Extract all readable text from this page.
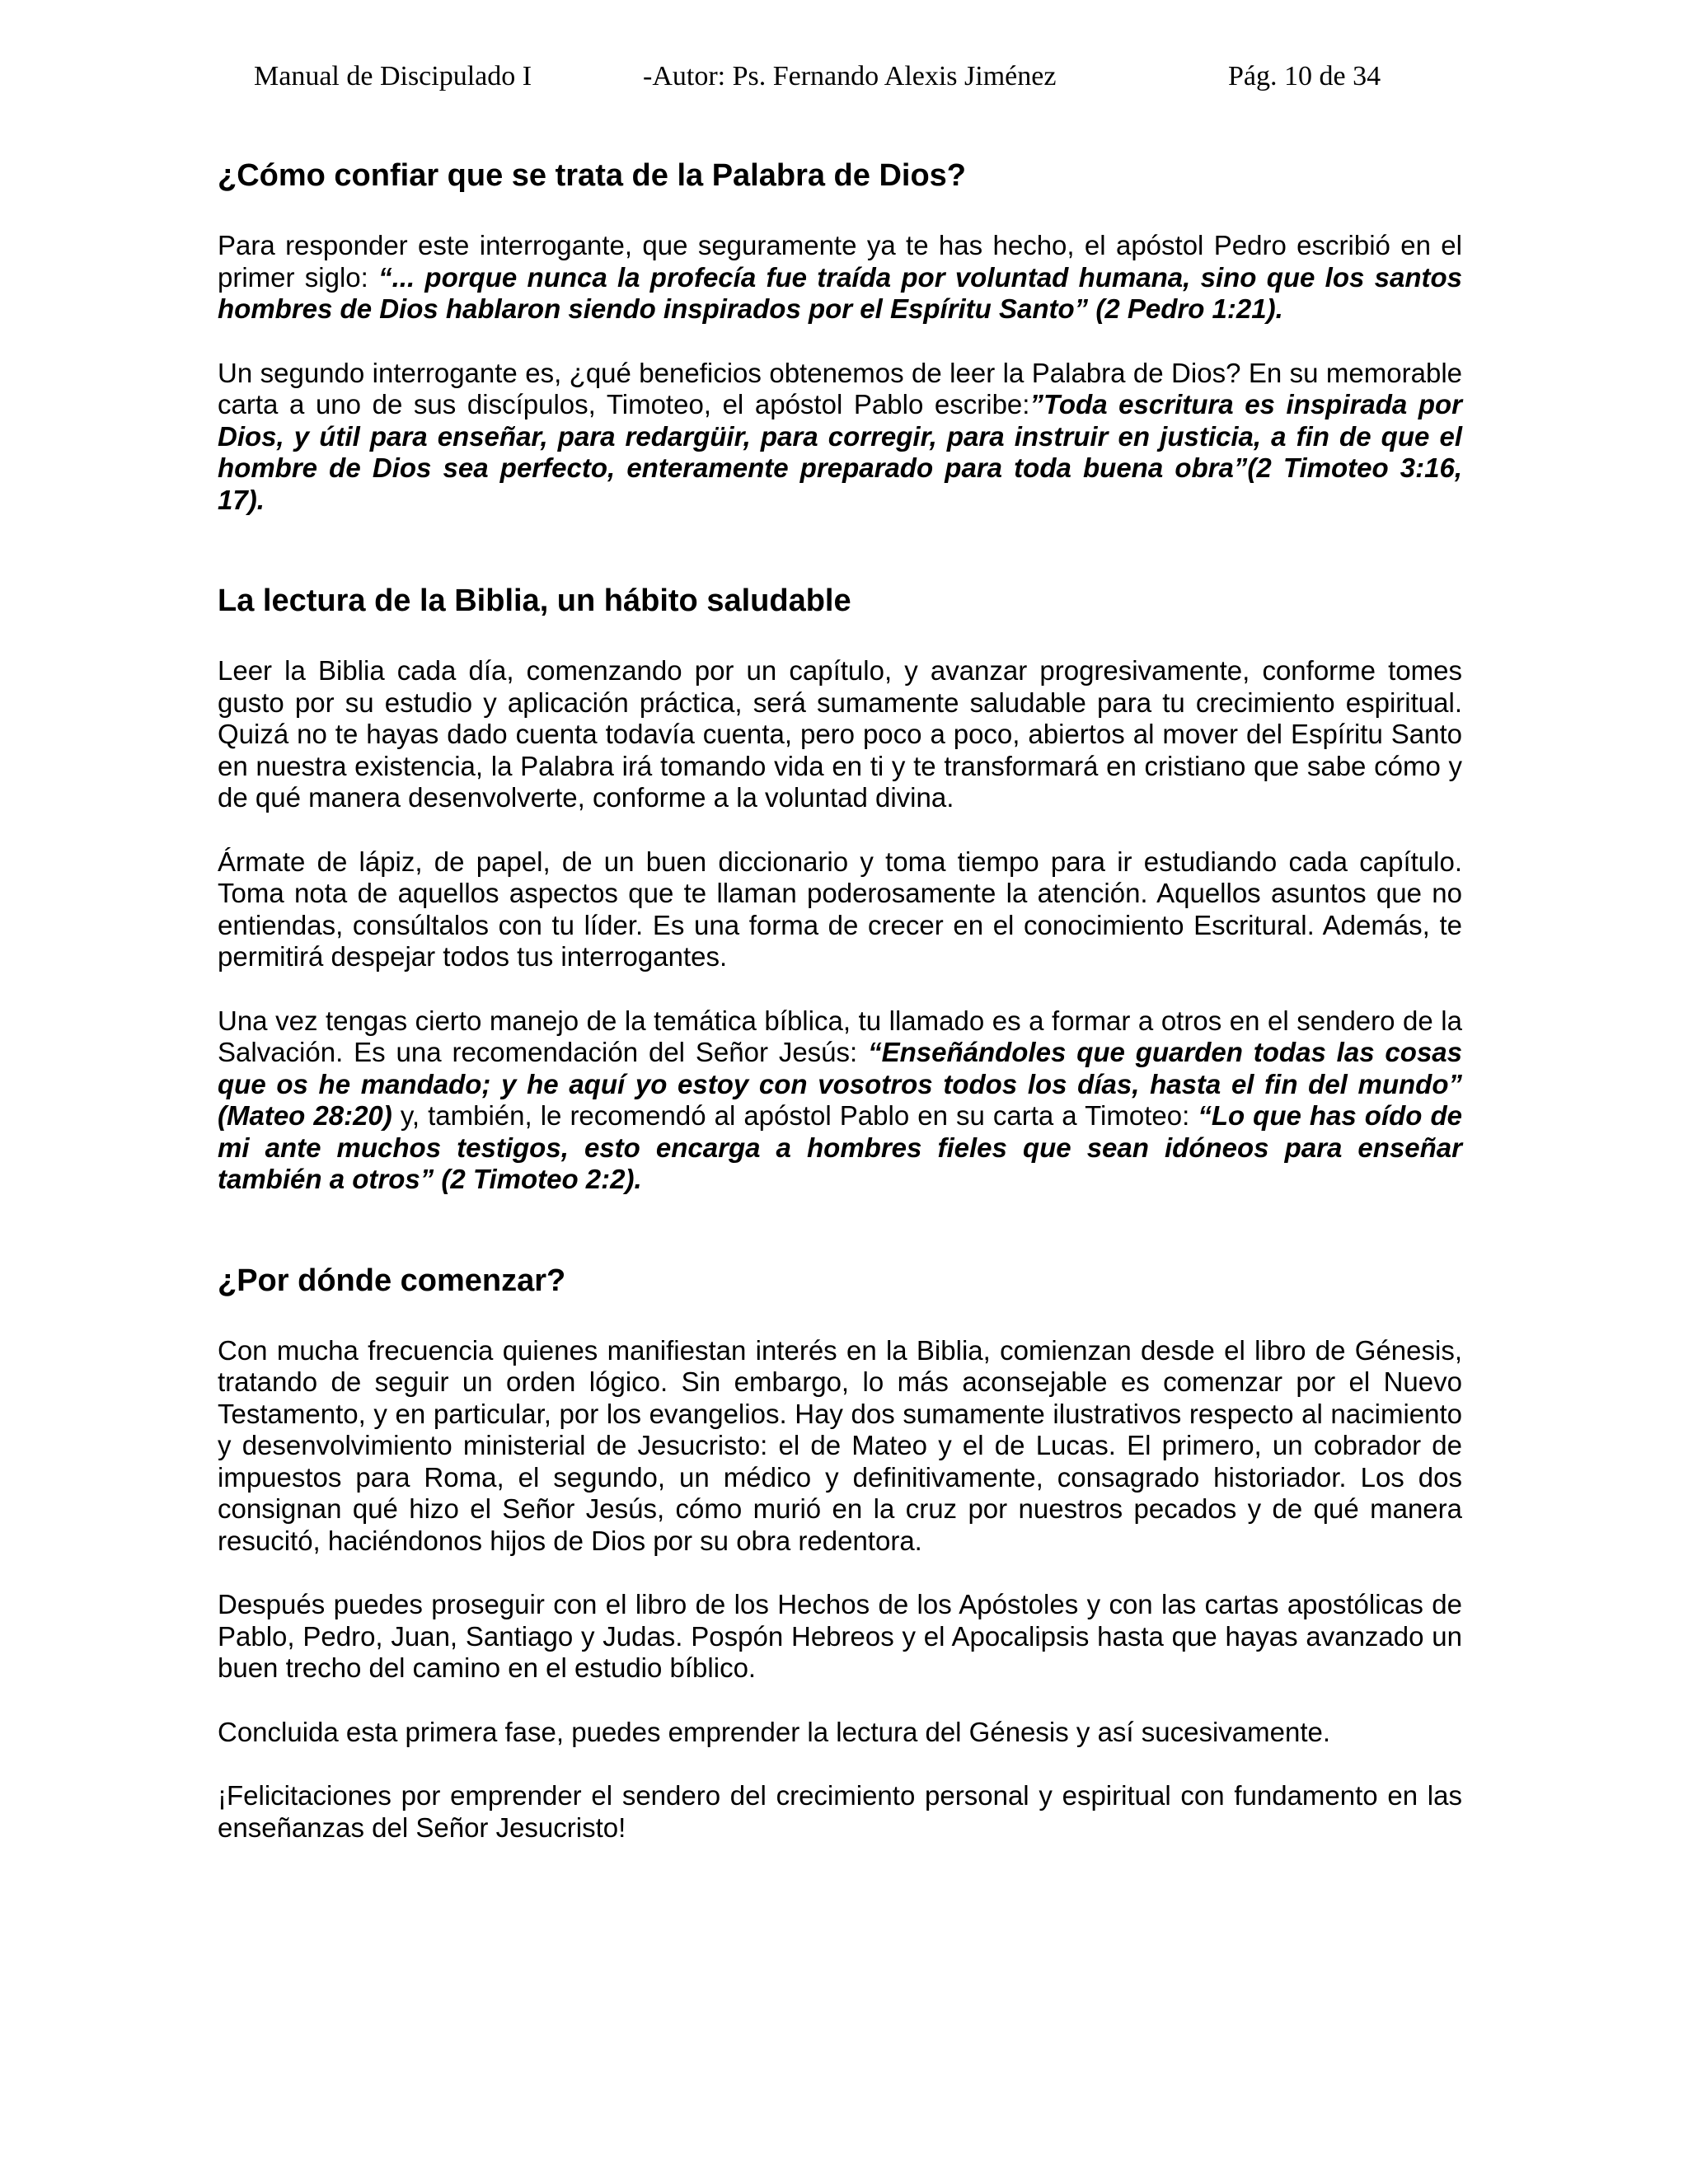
Manual de Discipulado I	-Autor: Ps. Fernando Alexis Jiménez	Pág. 10 de 34
¿Cómo confiar que se trata de la Palabra de Dios?

Para responder este interrogante, que seguramente ya te has hecho, el apóstol Pedro escribió en el primer siglo: “... porque nunca la profecía fue traída por voluntad humana, sino que los santos hombres de Dios hablaron siendo inspirados por el Espíritu Santo” (2 Pedro 1:21).

Un segundo interrogante es, ¿qué beneficios obtenemos de leer la Palabra de Dios? En su memorable carta a uno de sus discípulos, Timoteo, el apóstol Pablo escribe:”Toda escritura es inspirada por Dios, y útil para enseñar, para redargüir, para corregir, para instruir en justicia, a fin de que el hombre de Dios sea perfecto, enteramente preparado para toda buena obra”(2 Timoteo 3:16, 17).

La lectura de la Biblia, un hábito saludable

Leer la Biblia cada día, comenzando por un capítulo, y avanzar progresivamente, conforme tomes gusto por su estudio y aplicación práctica, será sumamente saludable para tu crecimiento espiritual. Quizá no te hayas dado cuenta todavía cuenta, pero poco a poco, abiertos al mover del Espíritu Santo en nuestra existencia, la Palabra irá tomando vida en ti y te transformará en cristiano que sabe cómo y de qué manera desenvolverte, conforme a la voluntad divina.

Ármate de lápiz, de papel, de un buen diccionario y toma tiempo para ir estudiando cada capítulo. Toma nota de aquellos aspectos que te llaman poderosamente la atención. Aquellos asuntos que no entiendas, consúltalos con tu líder. Es una forma de crecer en el conocimiento Escritural. Además, te permitirá despejar todos tus interrogantes.

Una vez tengas cierto manejo de la temática bíblica, tu llamado es a formar a otros en el sendero de la Salvación. Es una recomendación del Señor Jesús: “Enseñándoles que guarden todas las cosas que os he mandado; y he aquí yo estoy con vosotros todos los días, hasta el fin del mundo” (Mateo 28:20) y, también, le recomendó al apóstol Pablo en su carta a Timoteo: “Lo que has oído de mi ante muchos testigos, esto encarga a hombres fieles que sean idóneos para enseñar también a otros” (2 Timoteo 2:2).

¿Por dónde comenzar?

Con mucha frecuencia quienes manifiestan interés en la Biblia, comienzan desde el libro de Génesis, tratando de seguir un orden lógico. Sin embargo, lo más aconsejable es comenzar por el Nuevo Testamento, y en particular, por los evangelios. Hay dos sumamente ilustrativos respecto al nacimiento y desenvolvimiento ministerial de Jesucristo: el de Mateo y el de Lucas. El primero, un cobrador de impuestos para Roma, el segundo, un médico y definitivamente, consagrado historiador. Los dos consignan qué hizo el Señor Jesús, cómo murió en la cruz por nuestros pecados y de qué manera resucitó, haciéndonos hijos de Dios por su obra redentora.

Después puedes proseguir con el libro de los Hechos de los Apóstoles y con las cartas apostólicas de Pablo, Pedro, Juan, Santiago y Judas. Pospón Hebreos y el Apocalipsis hasta que hayas avanzado un buen trecho del camino en el estudio bíblico.

Concluida esta primera fase, puedes emprender la lectura del Génesis y así sucesivamente.

¡Felicitaciones por emprender el sendero del crecimiento personal y espiritual con fundamento en las enseñanzas del Señor Jesucristo!
